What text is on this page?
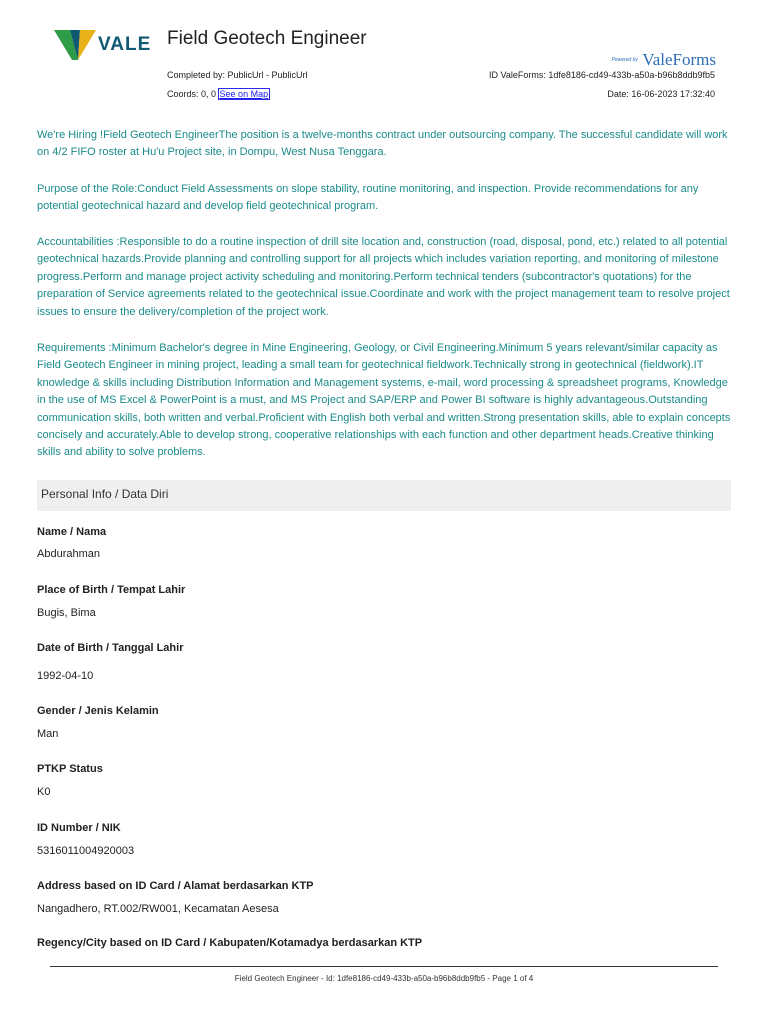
VALE Field Geotech Engineer
Powered by ValeForms
Completed by: PublicUrl - PublicUrl	ID ValeForms: 1dfe8186-cd49-433b-a50a-b96b8ddb9fb5
Coords: 0, 0 See on Map	Date: 16-06-2023 17:32:40
We're Hiring !Field Geotech EngineerThe position is a twelve-months contract under outsourcing company. The successful candidate will work on 4/2 FIFO roster at Hu'u Project site, in Dompu, West Nusa Tenggara.
Purpose of the Role:Conduct Field Assessments on slope stability, routine monitoring, and inspection. Provide recommendations for any potential geotechnical hazard and develop field geotechnical program.
Accountabilities :Responsible to do a routine inspection of drill site location and, construction (road, disposal, pond, etc.) related to all potential geotechnical hazards.Provide planning and controlling support for all projects which includes variation reporting, and monitoring of milestone progress.Perform and manage project activity scheduling and monitoring.Perform technical tenders (subcontractor's quotations) for the preparation of Service agreements related to the geotechnical issue.Coordinate and work with the project management team to resolve project issues to ensure the delivery/completion of the project work.
Requirements :Minimum Bachelor's degree in Mine Engineering, Geology, or Civil Engineering.Minimum 5 years relevant/similar capacity as Field Geotech Engineer in mining project, leading a small team for geotechnical fieldwork.Technically strong in geotechnical (fieldwork).IT knowledge & skills including Distribution Information and Management systems, e-mail, word processing & spreadsheet programs, Knowledge in the use of MS Excel & PowerPoint is a must, and MS Project and SAP/ERP and Power BI software is highly advantageous.Outstanding communication skills, both written and verbal.Proficient with English both verbal and written.Strong presentation skills, able to explain concepts concisely and accurately.Able to develop strong, cooperative relationships with each function and other department heads.Creative thinking skills and ability to solve problems.
Personal Info / Data Diri
Name / Nama
Abdurahman
Place of Birth / Tempat Lahir
Bugis, Bima
Date of Birth / Tanggal Lahir
1992-04-10
Gender / Jenis Kelamin
Man
PTKP Status
K0
ID Number / NIK
5316011004920003
Address based on ID Card / Alamat berdasarkan KTP
Nangadhero, RT.002/RW001, Kecamatan Aesesa
Regency/City based on ID Card / Kabupaten/Kotamadya berdasarkan KTP
Field Geotech Engineer - Id: 1dfe8186-cd49-433b-a50a-b96b8ddb9fb5 - Page 1 of 4
